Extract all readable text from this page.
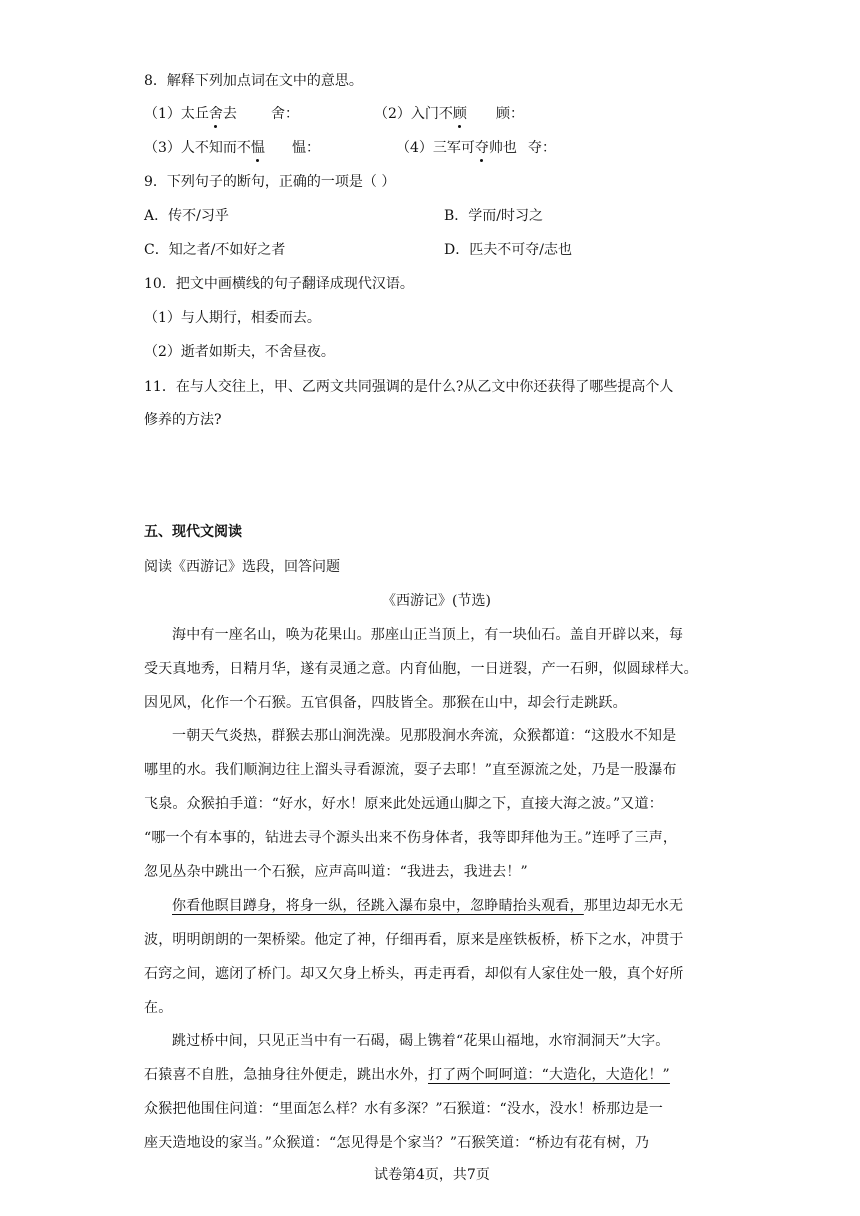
8．解释下列加点词在文中的意思。
（1）太丘舍去 舍：	（2）入门不顾 顾：
（3）人不知而不愠 愠：	（4）三军可夺帅也 夺：
9．下列句子的断句，正确的一项是（ ）
A．传不/习乎	B．学而/时习之
C．知之者/不如好之者	D．匹夫不可夺/志也
10．把文中画横线的句子翻译成现代汉语。
（1）与人期行，相委而去。
（2）逝者如斯夫，不舍昼夜。
11．在与人交往上，甲、乙两文共同强调的是什么?从乙文中你还获得了哪些提高个人
修养的方法?
五、现代文阅读
阅读《西游记》选段，回答问题
《西游记》(节选)
海中有一座名山，唤为花果山。那座山正当顶上，有一块仙石。盖自开辟以来，每
受天真地秀，日精月华，遂有灵通之意。内育仙胞，一日迸裂，产一石卵，似圆球样大。
因见风，化作一个石猴。五官俱备，四肢皆全。那猴在山中，却会行走跳跃。
一朝天气炎热，群猴去那山涧洗澡。见那股涧水奔流，众猴都道：“这股水不知是
哪里的水。我们顺涧边往上溜头寻看源流，耍子去耶！”直至源流之处，乃是一股瀑布
飞泉。众猴拍手道：“好水，好水！原来此处远通山脚之下，直接大海之波。”又道：
“哪一个有本事的，钻进去寻个源头出来不伤身体者，我等即拜他为王。”连呼了三声，
忽见丛杂中跳出一个石猴，应声高叫道：“我进去，我进去！”
你看他瞑目蹲身，将身一纵，径跳入瀑布泉中，忽睁睛抬头观看，那里边却无水无
波，明明朗朗的一架桥梁。他定了神，仔细再看，原来是座铁板桥，桥下之水，冲贯于
石窍之间，遮闭了桥门。却又欠身上桥头，再走再看，却似有人家住处一般，真个好所
在。
跳过桥中间，只见正当中有一石碣，碣上镌着“花果山福地，水帘洞洞天”大字。
石猿喜不自胜，急抽身往外便走，跳出水外，打了两个呵呵道：“大造化，大造化！”
众猴把他围住问道：“里面怎么样？水有多深？”石猴道：“没水，没水！桥那边是一
座天造地设的家当。”众猴道：“怎见得是个家当？”石猴笑道：“桥边有花有树，乃
试卷第4页，共7页
